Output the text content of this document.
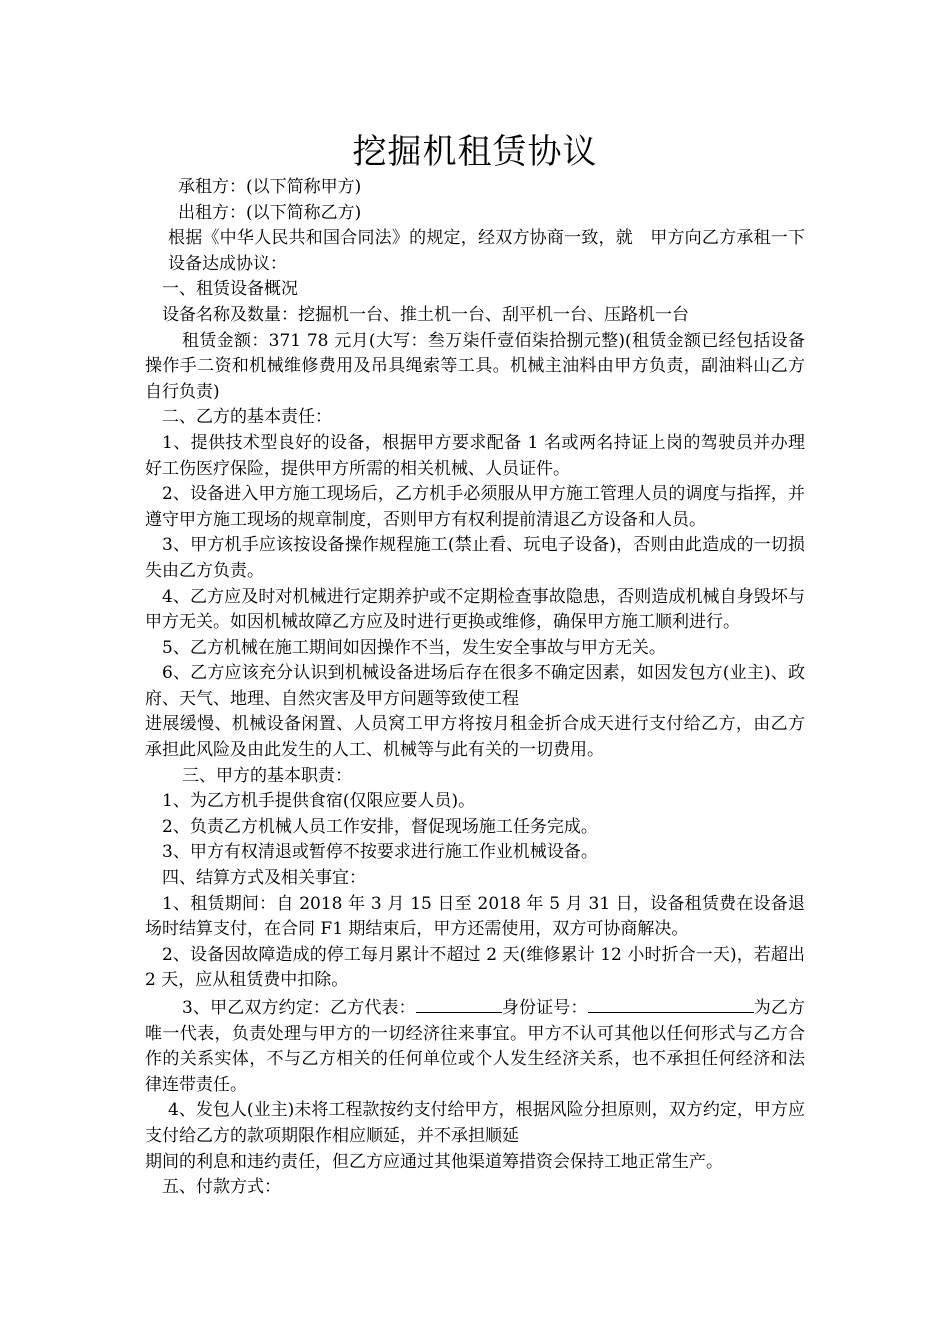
挖掘机租赁协议

承租方：(以下简称甲方)

出租方：(以下简称乙方)

根据《中华人民共和国合同法》的规定，经双方协商一致，就　甲方向乙方承租一下设备达成协议：

一、租赁设备概况

设备名称及数量：挖掘机一台、推土机一台、刮平机一台、压路机一台

租赁金额：371 78 元月(大写：叁万柒仟壹佰柒拾捌元整)(租赁金额已经包括设备操作手二资和机械维修费用及吊具绳索等工具。机械主油料由甲方负责，副油料山乙方自行负责)

二、乙方的基本责任：

1、提供技术型良好的设备，根据甲方要求配备 1 名或两名持证上岗的驾驶员并办理好工伤医疗保险，提供甲方所需的相关机械、人员证件。

2、设备进入甲方施工现场后，乙方机手必须服从甲方施工管理人员的调度与指挥，并遵守甲方施工现场的规章制度，否则甲方有权利提前清退乙方设备和人员。

3、甲方机手应该按设备操作规程施工(禁止看、玩电子设备)，否则由此造成的一切损失由乙方负责。

4、乙方应及时对机械进行定期养护或不定期检查事故隐患，否则造成机械自身毁坏与甲方无关。如因机械故障乙方应及时进行更换或维修，确保甲方施工顺利进行。

5、乙方机械在施工期间如因操作不当，发生安全事故与甲方无关。

6、乙方应该充分认识到机械设备进场后存在很多不确定因素，如因发包方(业主)、政府、天气、地理、自然灾害及甲方问题等致使工程

进展缓慢、机械设备闲置、人员窝工甲方将按月租金折合成天进行支付给乙方，由乙方承担此风险及由此发生的人工、机械等与此有关的一切费用。

三、甲方的基本职责：

1、为乙方机手提供食宿(仅限应要人员)。

2、负责乙方机械人员工作安排，督促现场施工任务完成。

3、甲方有权清退或暂停不按要求进行施工作业机械设备。

四、结算方式及相关事宜：

1、租赁期间：自 2018 年 3 月 15 日至 2018 年 5 月 31 日，设备租赁费在设备退场时结算支付，在合同 F1 期结束后，甲方还需使用，双方可协商解决。

2、设备因故障造成的停工每月累计不超过 2 天(维修累计 12 小时折合一天)，若超出 2 天，应从租赁费中扣除。

3、甲乙双方约定：乙方代表：	身份证号：	为乙方唯一代表，负责处理与甲方的一切经济往来事宜。甲方不认可其他以任何形式与乙方合作的关系实体，不与乙方相关的任何单位或个人发生经济关系，也不承担任何经济和法律连带责任。

4、发包人(业主)未将工程款按约支付给甲方，根据风险分担原则，双方约定，甲方应支付给乙方的款项期限作相应顺延，并不承担顺延

期间的利息和违约责任，但乙方应通过其他渠道筹措资会保持工地正常生产。

五、付款方式：
